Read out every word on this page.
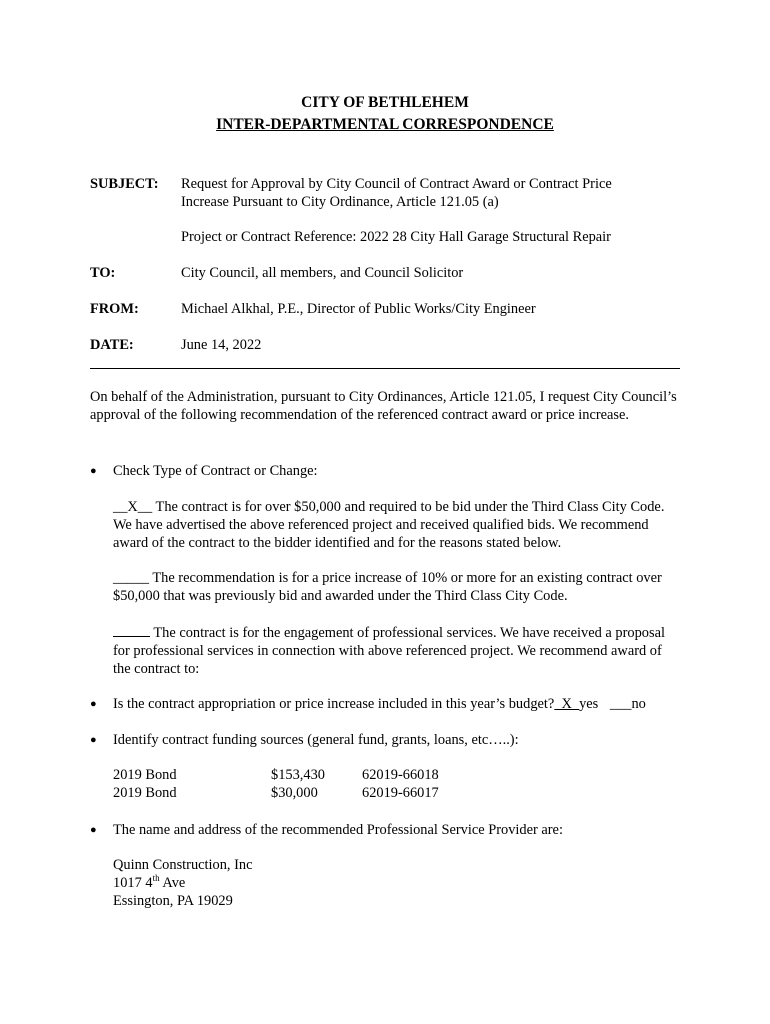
CITY OF BETHLEHEM
INTER-DEPARTMENTAL CORRESPONDENCE
SUBJECT: Request for Approval by City Council of Contract Award or Contract Price
Increase Pursuant to City Ordinance, Article 121.05 (a)
Project or Contract Reference: 2022 28 City Hall Garage Structural Repair
TO:	City Council, all members, and Council Solicitor
FROM:	Michael Alkhal, P.E., Director of Public Works/City Engineer
DATE:	June 14, 2022
On behalf of the Administration, pursuant to City Ordinances, Article 121.05, I request City Council’s approval of the following recommendation of the referenced contract award or price increase.
● Check Type of Contract or Change:
__X__ The contract is for over $50,000 and required to be bid under the Third Class City Code. We have advertised the above referenced project and received qualified bids. We recommend award of the contract to the bidder identified and for the reasons stated below.
_____ The recommendation is for a price increase of 10% or more for an existing contract over $50,000 that was previously bid and awarded under the Third Class City Code.
The contract is for the engagement of professional services. We have received a proposal for professional services in connection with above referenced project. We recommend award of the contract to:
● Is the contract appropriation or price increase included in this year’s budget?  X  yes ___no
● Identify contract funding sources (general fund, grants, loans, etc…..):
2019 Bond	$153,430	62019-66018
2019 Bond	$30,000	62019-66017
● The name and address of the recommended Professional Service Provider are:
Quinn Construction, Inc
1017 4th Ave
Essington, PA 19029
